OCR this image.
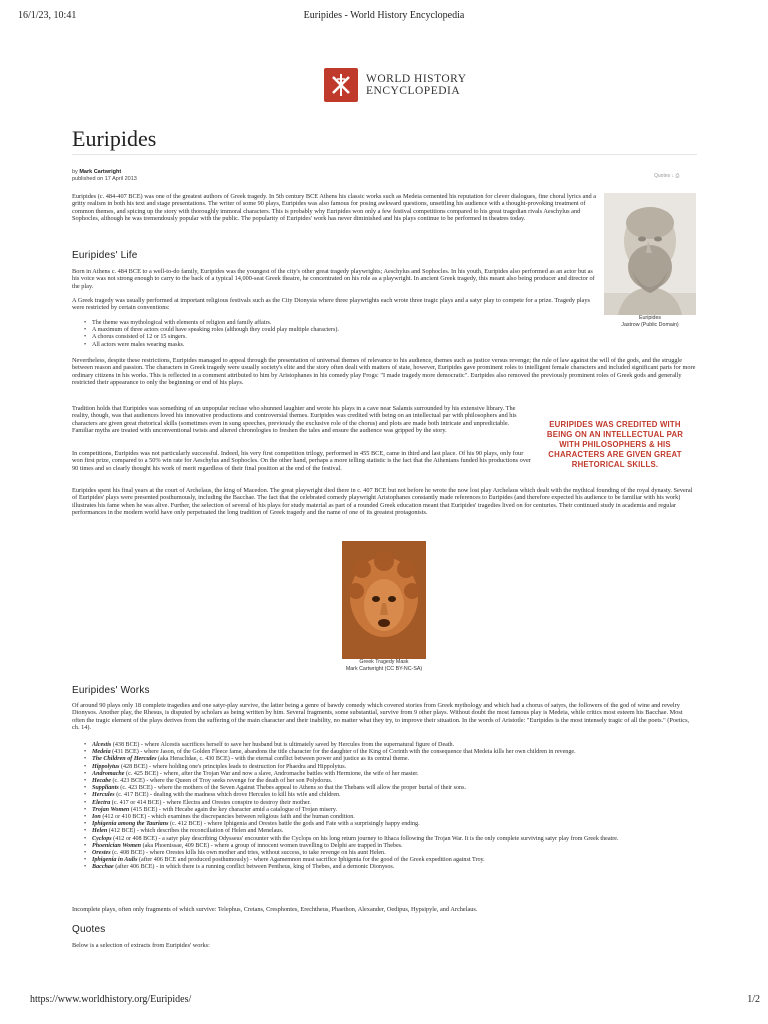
16/1/23, 10:41	Euripides - World History Encyclopedia
WORLD HISTORY
ENCYCLOPEDIA
Euripides
by Mark Cartwright
published on 17 April 2013	Quotes ↓ ⎙

Euripides (c. 484-407 BCE) was one of the greatest authors of Greek tragedy. In 5th century BCE Athens his classic works such as Medeia cemented his reputation for clever dialogues, fine choral lyrics and a gritty realism in both his text and stage presentations. The writer of some 90 plays, Euripides was also famous for posing awkward questions, unsettling his audience with a thought-provoking treatment of common themes, and spicing up the story with thoroughly immoral characters. This is probably why Euripides won only a few festival competitions compared to his great tragedian rivals Aeschylus and Sophocles, although he was tremendously popular with the public. The popularity of Euripides' work has never diminished and his plays continue to be performed in theatres today.

Euripides
Jastrow (Public Domain)
Euripides' Life

Born in Athens c. 484 BCE to a well-to-do family, Euripides was the youngest of the city's other great tragedy playwrights; Aeschylus and Sophocles. In his youth, Euripides also performed as an actor but as his voice was not strong enough to carry to the back of a typical 14,000-seat Greek theatre, he concentrated on his role as a playwright. In ancient Greek tragedy, this meant also being producer and director of the play.

A Greek tragedy was usually performed at important religious festivals such as the City Dionysia where three playwrights each wrote three tragic plays and a satyr play to compete for a prize. Tragedy plays were restricted by certain conventions:

• The theme was mythological with elements of religion and family affairs.
• A maximum of three actors could have speaking roles (although they could play multiple characters).
• A chorus consisted of 12 or 15 singers.
• All actors were males wearing masks.

Nevertheless, despite these restrictions, Euripides managed to appeal through the presentation of universal themes of relevance to his audience, themes such as justice versus revenge; the rule of law against the will of the gods, and the struggle between reason and passion. The characters in Greek tragedy were usually society's elite and the story often dealt with matters of state, however, Euripides gave prominent roles to intelligent female characters and included significant parts for more ordinary citizens in his works. This is reflected in a comment attributed to him by Aristophanes in his comedy play Frogs: "I made tragedy more democratic". Euripides also removed the previously prominent roles of Greek gods and generally restricted their appearance to only the beginning or end of his plays.

Tradition holds that Euripides was something of an unpopular recluse who shunned laughter and wrote his plays in a cave near Salamis surrounded by his extensive library. The reality, though, was that audiences loved his innovative productions and controversial themes. Euripides was credited with being on an intellectual par with philosophers and his characters are given great rhetorical skills (sometimes even in sung speeches, previously the exclusive role of the chorus) and plots are made both intricate and unpredictable. Familiar myths are treated with unconventional twists and altered chronologies to freshen the tales and ensure the audience was gripped by the story.

EURIPIDES WAS CREDITED WITH BEING ON AN INTELLECTUAL PAR WITH PHILOSOPHERS & HIS CHARACTERS ARE GIVEN GREAT RHETORICAL SKILLS.

In competitions, Euripides was not particularly successful. Indeed, his very first competition trilogy, performed in 455 BCE, came in third and last place. Of his 90 plays, only four won first prize, compared to a 50% win rate for Aeschylus and Sophocles. On the other hand, perhaps a more telling statistic is the fact that the Athenians funded his productions over 90 times and so clearly thought his work of merit regardless of their final position at the end of the festival.

Euripides spent his final years at the court of Archelaus, the king of Macedon. The great playwright died there in c. 407 BCE but not before he wrote the now lost play Archelaus which dealt with the mythical founding of the royal dynasty. Several of Euripides' plays were presented posthumously, including the Bacchae. The fact that the celebrated comedy playwright Aristophanes constantly made references to Euripides (and therefore expected his audience to be familiar with his work) illustrates his fame when he was alive. Further, the selection of several of his plays for study material as part of a rounded Greek education meant that Euripides' tragedies lived on for centuries. Their continued study in academia and regular performances in the modern world have only perpetuated the long tradition of Greek tragedy and the name of one of its greatest protagonists.

Greek Tragedy Mask
Mark Cartwright (CC BY-NC-SA)
Euripides' Works

Of around 90 plays only 18 complete tragedies and one satyr-play survive, the latter being a genre of bawdy comedy which covered stories from Greek mythology and which had a chorus of satyrs, the followers of the god of wine and revelry Dionysos. Another play, the Rhesus, is disputed by scholars as being written by him. Several fragments, some substantial, survive from 9 other plays. Without doubt the most famous play is Medeia, while critics most esteem his Bacchae. Most often the tragic element of the plays derives from the suffering of the main character and their inability, no matter what they try, to improve their situation. In the words of Aristotle: "Euripides is the most intensely tragic of all the poets." (Poetics, ch. 14).

• Alcestis (438 BCE) - where Alcestis sacrifices herself to save her husband but is ultimately saved by Hercules from the supernatural figure of Death.
• Medeia (431 BCE) - where Jason, of the Golden Fleece fame, abandons the title character for the daughter of the King of Corinth with the consequence that Medeia kills her own children in revenge.
• The Children of Hercules (aka Heraclidae, c. 430 BCE) - with the eternal conflict between power and justice as its central theme.
• Hippolytus (428 BCE) - where holding one's principles leads to destruction for Phaedra and Hippolytus.
• Andromache (c. 425 BCE) - where, after the Trojan War and now a slave, Andromache battles with Hermione, the wife of her master.
• Hecabe (c. 423 BCE) - where the Queen of Troy seeks revenge for the death of her son Polydorus.
• Suppliants (c. 423 BCE) - where the mothers of the Seven Against Thebes appeal to Athens so that the Thebans will allow the proper burial of their sons.
• Hercules (c. 417 BCE) - dealing with the madness which drove Hercules to kill his wife and children.
• Electra (c. 417 or 414 BCE) - where Electra and Orestes conspire to destroy their mother.
• Trojan Women (415 BCE) - with Hecabe again the key character amid a catalogue of Trojan misery.
• Ion (412 or 410 BCE) - which examines the discrepancies between religious faith and the human condition.
• Iphigenia among the Taurians (c. 412 BCE) - where Iphigenia and Orestes battle the gods and Fate with a surprisingly happy ending.
• Helen (412 BCE) - which describes the reconciliation of Helen and Menelaus.
• Cyclops (412 or 408 BCE) - a satyr play describing Odysseus' encounter with the Cyclops on his long return journey to Ithaca following the Trojan War. It is the only complete surviving satyr play from Greek theatre.
• Phoenician Women (aka Phoenissae, 409 BCE) - where a group of innocent women travelling to Delphi are trapped in Thebes.
• Orestes (c. 408 BCE) - where Orestes kills his own mother and tries, without success, to take revenge on his aunt Helen.
• Iphigenia in Aulis (after 406 BCE and produced posthumously) - where Agamemnon must sacrifice Iphigenia for the good of the Greek expedition against Troy.
• Bacchae (after 406 BCE) - in which there is a running conflict between Pentheus, king of Thebes, and a demonic Dionysos.

Incomplete plays, often only fragments of which survive: Telephus, Cretans, Cresphontes, Erechtheus, Phaethon, Alexander, Oedipus, Hypsipyle, and Archelaus.

Quotes

Below is a selection of extracts from Euripides' works:

https://www.worldhistory.org/Euripides/	1/2
